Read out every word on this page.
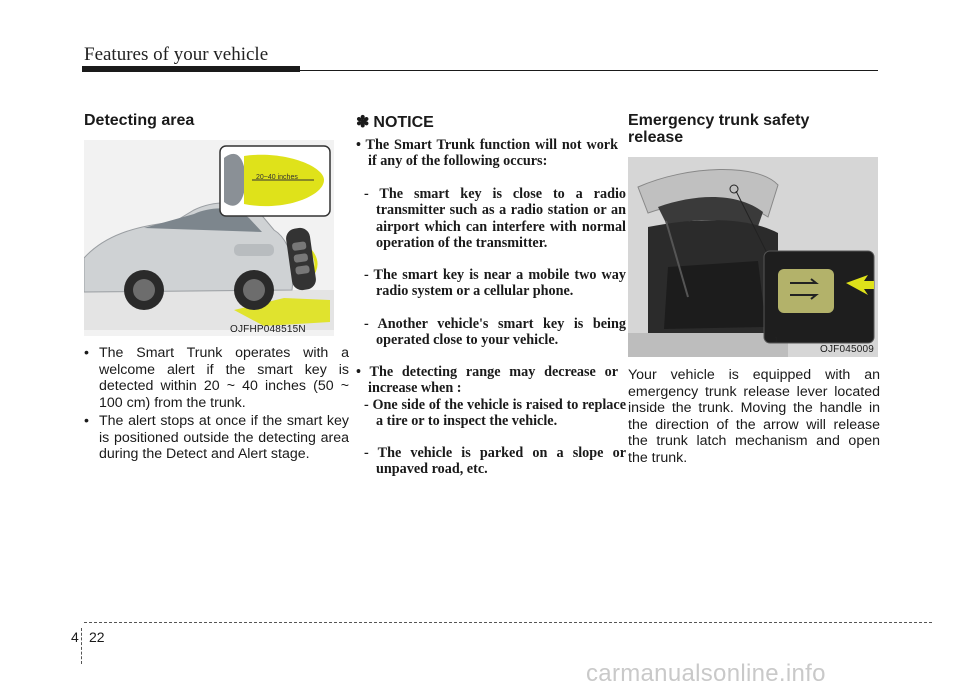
Features of your vehicle
Detecting area
20~40 inches
OJFHP048515N

• The Smart Trunk operates with a welcome alert if the smart key is detected within 20 ~ 40 inches (50 ~ 100 cm) from the trunk.

• The alert stops at once if the smart key is positioned outside the detecting area during the Detect and Alert stage.

✽ NOTICE

• The Smart Trunk function will not work if any of the following occurs:

- The smart key is close to a radio transmitter such as a radio station or an airport which can interfere with normal operation of the transmitter.

- The smart key is near a mobile two way radio system or a cellular phone.

- Another vehicle's smart key is being operated close to your vehicle.

• The detecting range may decrease or increase when :

- One side of the vehicle is raised to replace a tire or to inspect the vehicle.

- The vehicle is parked on a slope or unpaved road, etc.

Emergency trunk safety
release
OJF045009
1

Your vehicle is equipped with an emergency trunk release lever located inside the trunk. Moving the handle in the direction of the arrow will release the trunk latch mechanism and open the trunk.

4 22
carmanualsonline.info
